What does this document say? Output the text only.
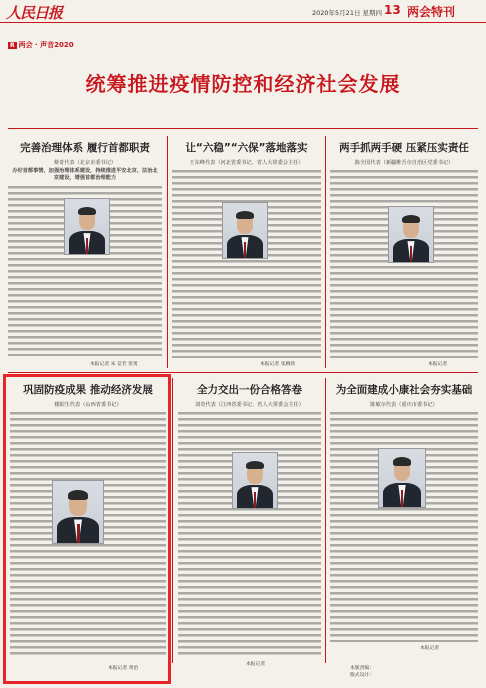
人民日报	2020年5月21日 星期四 13 两会特刊
R 两会 · 声音2020
统筹推进疫情防控和经济社会发展
完善治理体系 履行首都职责
蔡奇代表（北京市委书记）
办好首都事情，加强治理体系建设，持续推进平安北京、法治北京建设，增强首都治理能力
本报记者 朱 竞若 贺勇
让“六稳”“六保”落地落实
王东峰代表（河北省委书记、省人大常委会主任）
本报记者 张腾扬
两手抓两手硬 压紧压实责任
陈全国代表（新疆维吾尔自治区党委书记）
本报记者
巩固防疫成果 推动经济发展
楼阳生代表（山西省委书记）
本报记者 黄治
全力交出一份合格答卷
刘奇代表（江西省委书记、省人大常委会主任）
本报记者
为全面建成小康社会夯实基础
陈敏尔代表（重庆市委书记）
本报记者
本版责编：
版式设计：
